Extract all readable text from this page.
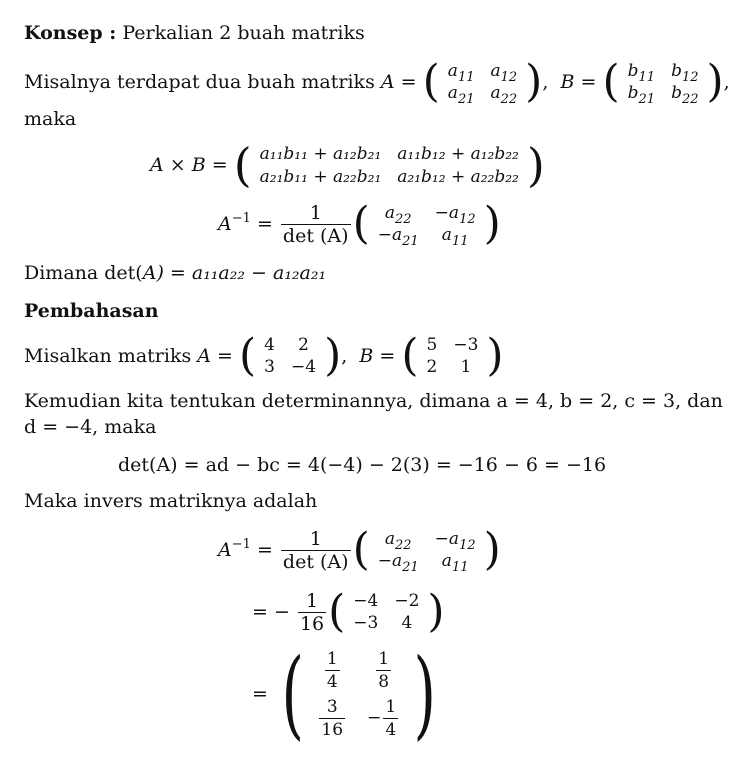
Konsep : Perkalian 2 buah matriks
Misalnya terdapat dua buah matriks
A
=
( $a_{11}$	$a_{12}$
$a_{21}$	$a_{22}$ ) ,
B = ( $b_{11}$	$b_{12}$
$b_{21}$	$b_{22}$ ) ,
maka
A × B =
( a₁₁b₁₁ + a₁₂b₂₁	a₁₁b₁₂ + a₁₂b₂₂
a₂₁b₁₁ + a₂₂b₂₁	a₂₁b₁₂ + a₂₂b₂₂ )
$A^{-1}$
=
$\frac{1}{\det (A)}$ ( $a_{22}$	$-a_{12}$
$-a_{21}$	$a_{11}$ )
Dimana det(A) = a₁₁a₂₂ − a₁₂a₂₁
Pembahasan
Misalkan matriks
A =
( 4	2
3	−4 ) ,
B =
( 5	−3
2	1 )
Kemudian kita tentukan determinannya, dimana a = 4, b = 2, c = 3, dan
d = −4, maka
det(A) = ad − bc = 4(−4) − 2(3) = −16 − 6 = −16
Maka invers matriknya adalah
$A^{-1}$
=
$\frac{1}{\det (A)}$ ( $a_{22}$	$-a_{12}$
$-a_{21}$	$a_{11}$ )
= −
$\frac{1}{16}$ ( −4	−2
−3	4 )
=
( $\frac{1}{4}$	$\frac{1}{8}$

$\frac{3}{16}$	− $\frac{1}{4}$ )
